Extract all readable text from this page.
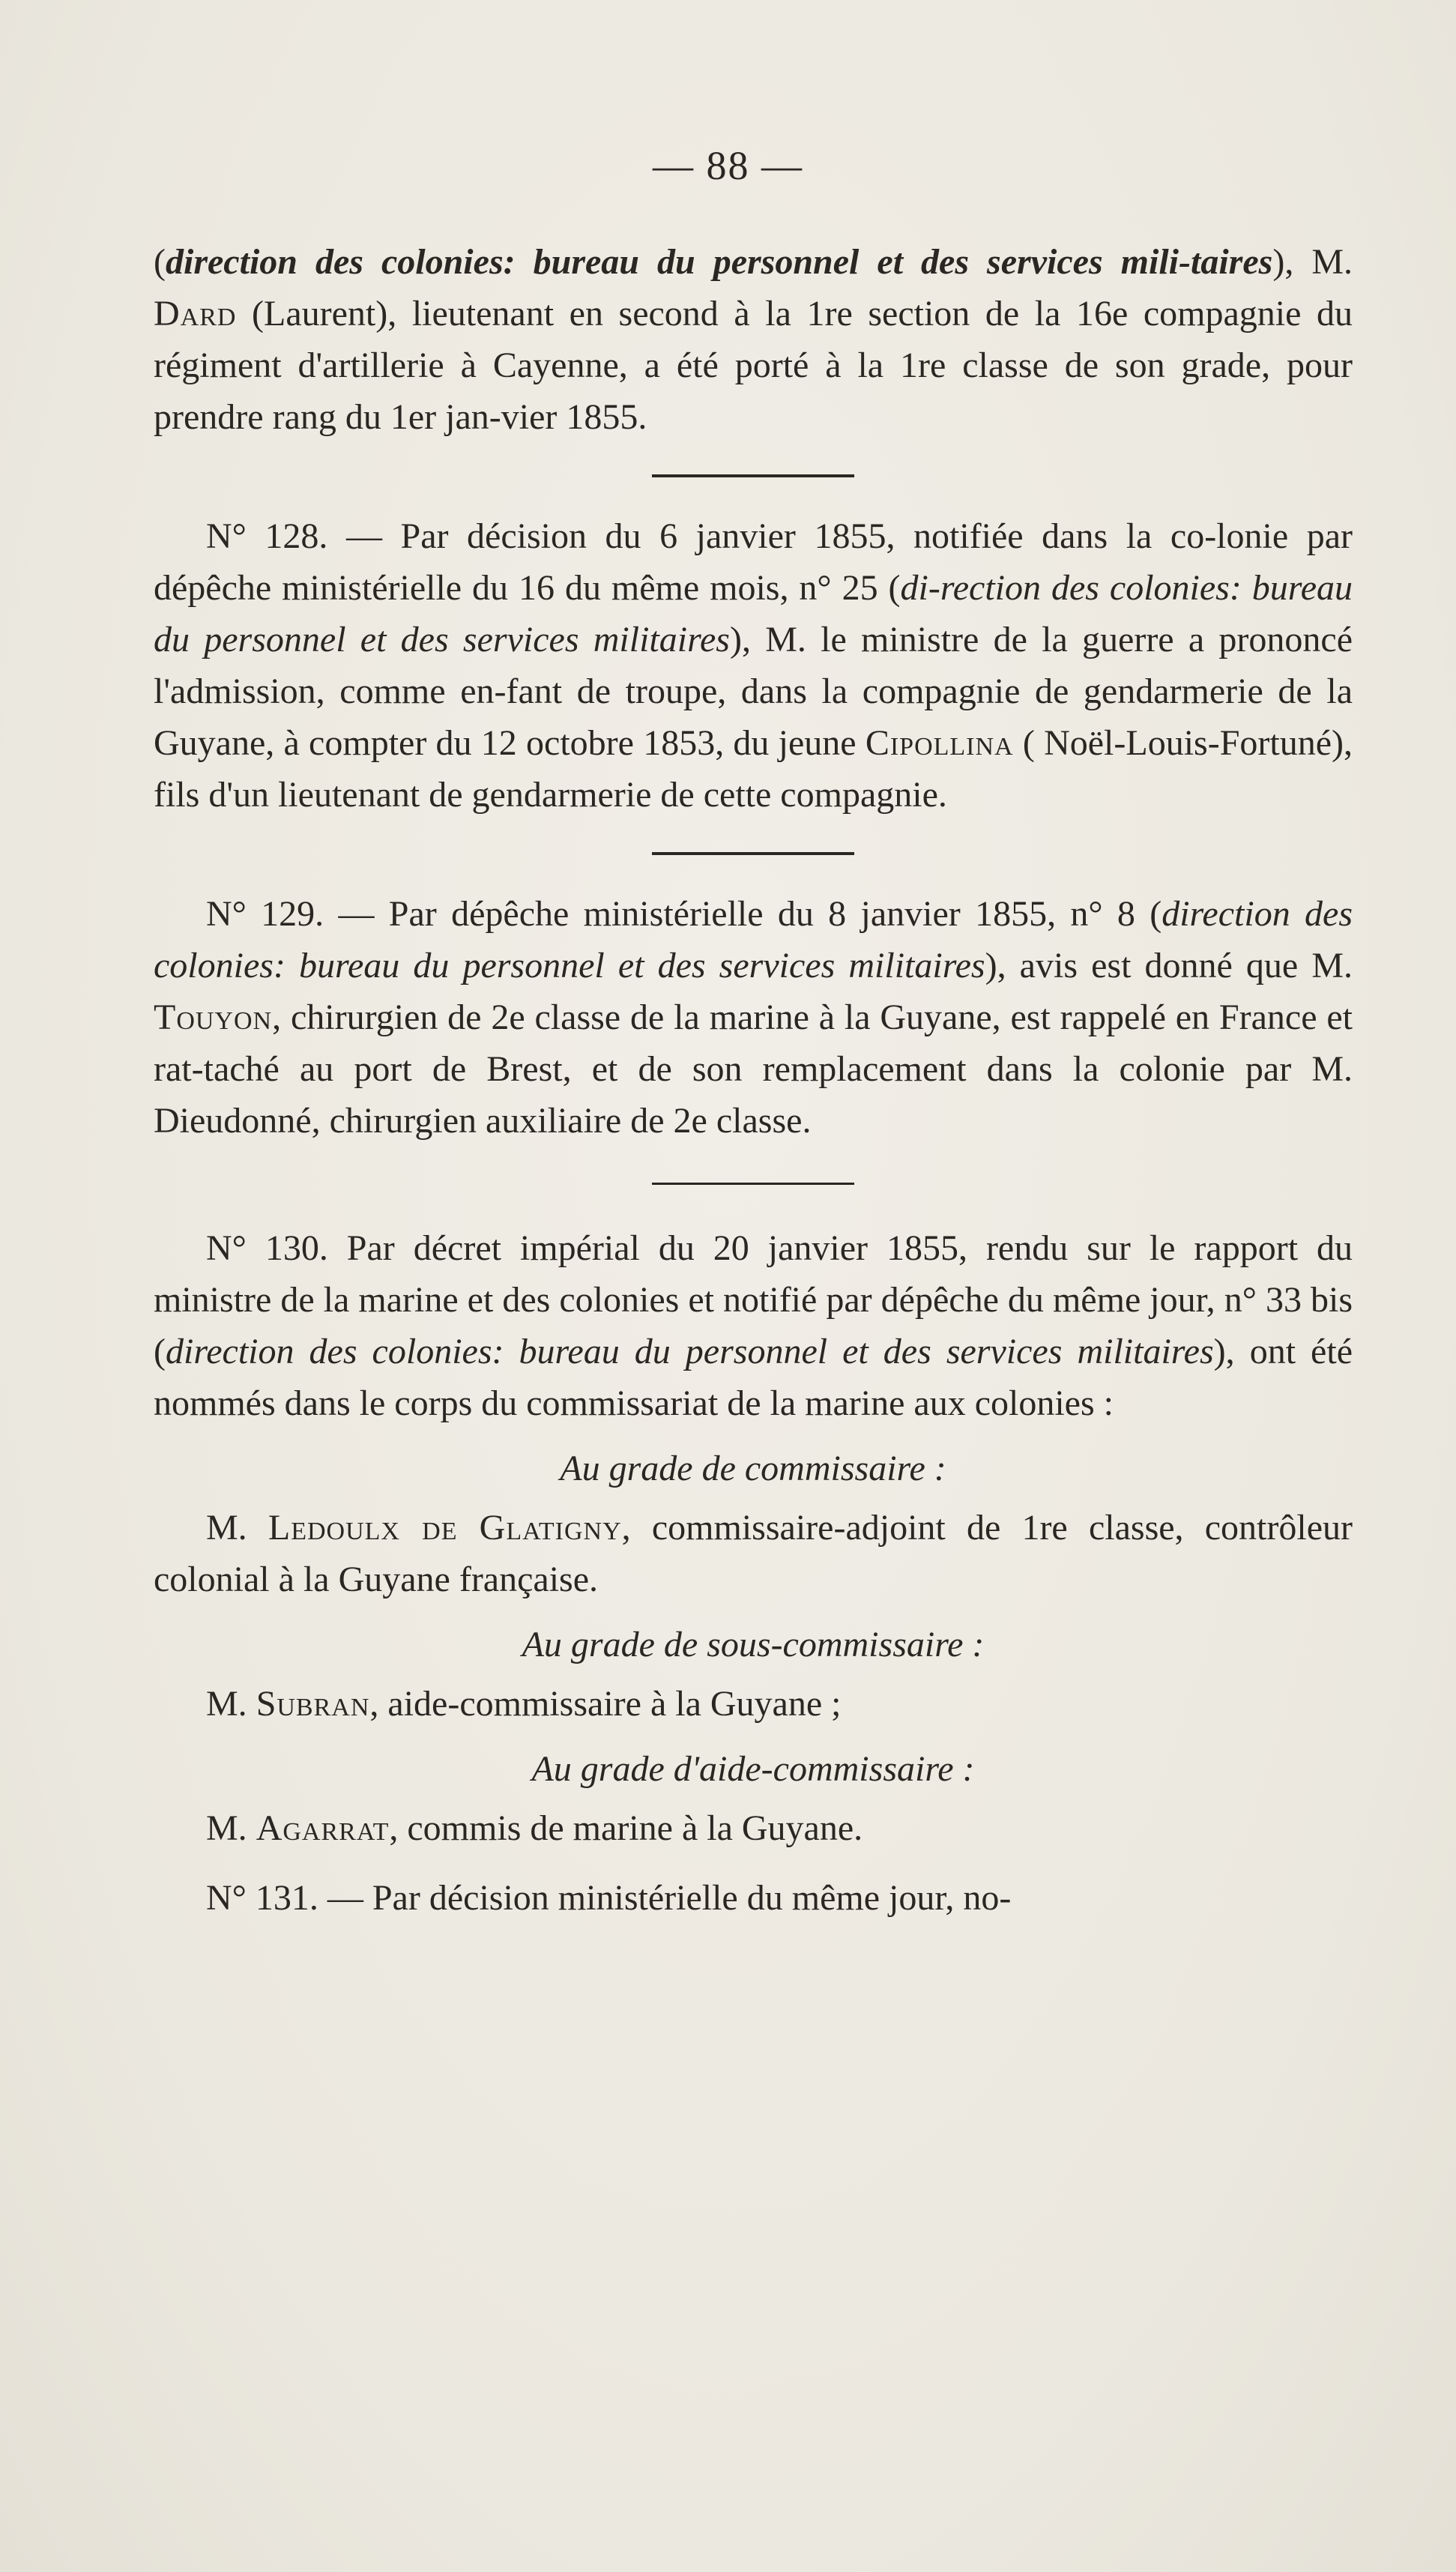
— 88 —

(direction des colonies: bureau du personnel et des services mili-taires), M. Dard (Laurent), lieutenant en second à la 1re section de la 16e compagnie du régiment d'artillerie à Cayenne, a été porté à la 1re classe de son grade, pour prendre rang du 1er jan-vier 1855.

N° 128. — Par décision du 6 janvier 1855, notifiée dans la co-lonie par dépêche ministérielle du 16 du même mois, n° 25 (di-rection des colonies: bureau du personnel et des services militaires), M. le ministre de la guerre a prononcé l'admission, comme en-fant de troupe, dans la compagnie de gendarmerie de la Guyane, à compter du 12 octobre 1853, du jeune Cipollina ( Noël-Louis-Fortuné), fils d'un lieutenant de gendarmerie de cette compagnie.

N° 129. — Par dépêche ministérielle du 8 janvier 1855, n° 8 (direction des colonies: bureau du personnel et des services militaires), avis est donné que M. Touyon, chirurgien de 2e classe de la marine à la Guyane, est rappelé en France et rat-taché au port de Brest, et de son remplacement dans la colonie par M. Dieudonné, chirurgien auxiliaire de 2e classe.

N° 130. Par décret impérial du 20 janvier 1855, rendu sur le rapport du ministre de la marine et des colonies et notifié par dépêche du même jour, n° 33 bis (direction des colonies: bureau du personnel et des services militaires), ont été nommés dans le corps du commissariat de la marine aux colonies :

Au grade de commissaire :

M. Ledoulx de Glatigny, commissaire-adjoint de 1re classe, contrôleur colonial à la Guyane française.

Au grade de sous-commissaire :

M. Subran, aide-commissaire à la Guyane ;

Au grade d'aide-commissaire :

M. Agarrat, commis de marine à la Guyane.

N° 131. — Par décision ministérielle du même jour, no-
